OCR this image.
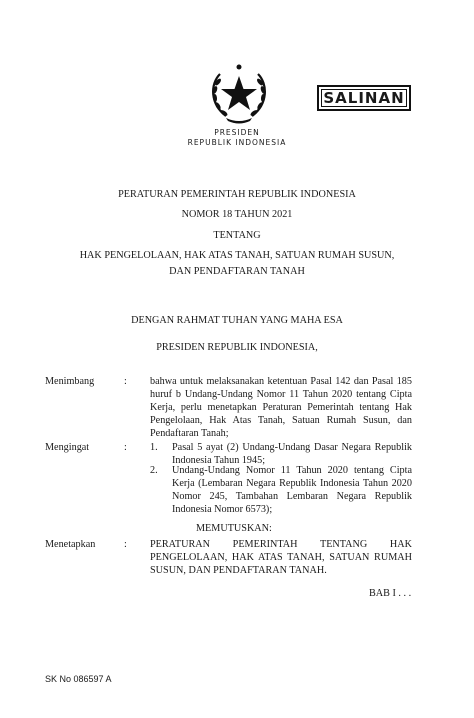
SALINAN
PRESIDEN
REPUBLIK INDONESIA
PERATURAN PEMERINTAH REPUBLIK INDONESIA
NOMOR 18 TAHUN 2021
TENTANG
HAK PENGELOLAAN, HAK ATAS TANAH, SATUAN RUMAH SUSUN,
DAN PENDAFTARAN TANAH
DENGAN RAHMAT TUHAN YANG MAHA ESA
PRESIDEN REPUBLIK INDONESIA,
Menimbang	: bahwa untuk melaksanakan ketentuan Pasal 142 dan Pasal 185 huruf b Undang-Undang Nomor 11 Tahun 2020 tentang Cipta Kerja, perlu menetapkan Peraturan Pemerintah tentang Hak Pengelolaan, Hak Atas Tanah, Satuan Rumah Susun, dan Pendaftaran Tanah;
Mengingat	: 1. Pasal 5 ayat (2) Undang-Undang Dasar Negara Republik Indonesia Tahun 1945;
2. Undang-Undang Nomor 11 Tahun 2020 tentang Cipta Kerja (Lembaran Negara Republik Indonesia Tahun 2020 Nomor 245, Tambahan Lembaran Negara Republik Indonesia Nomor 6573);
MEMUTUSKAN:
Menetapkan	: PERATURAN PEMERINTAH TENTANG HAK PENGELOLAAN, HAK ATAS TANAH, SATUAN RUMAH SUSUN, DAN PENDAFTARAN TANAH.
BAB I . . .
SK No 086597 A
